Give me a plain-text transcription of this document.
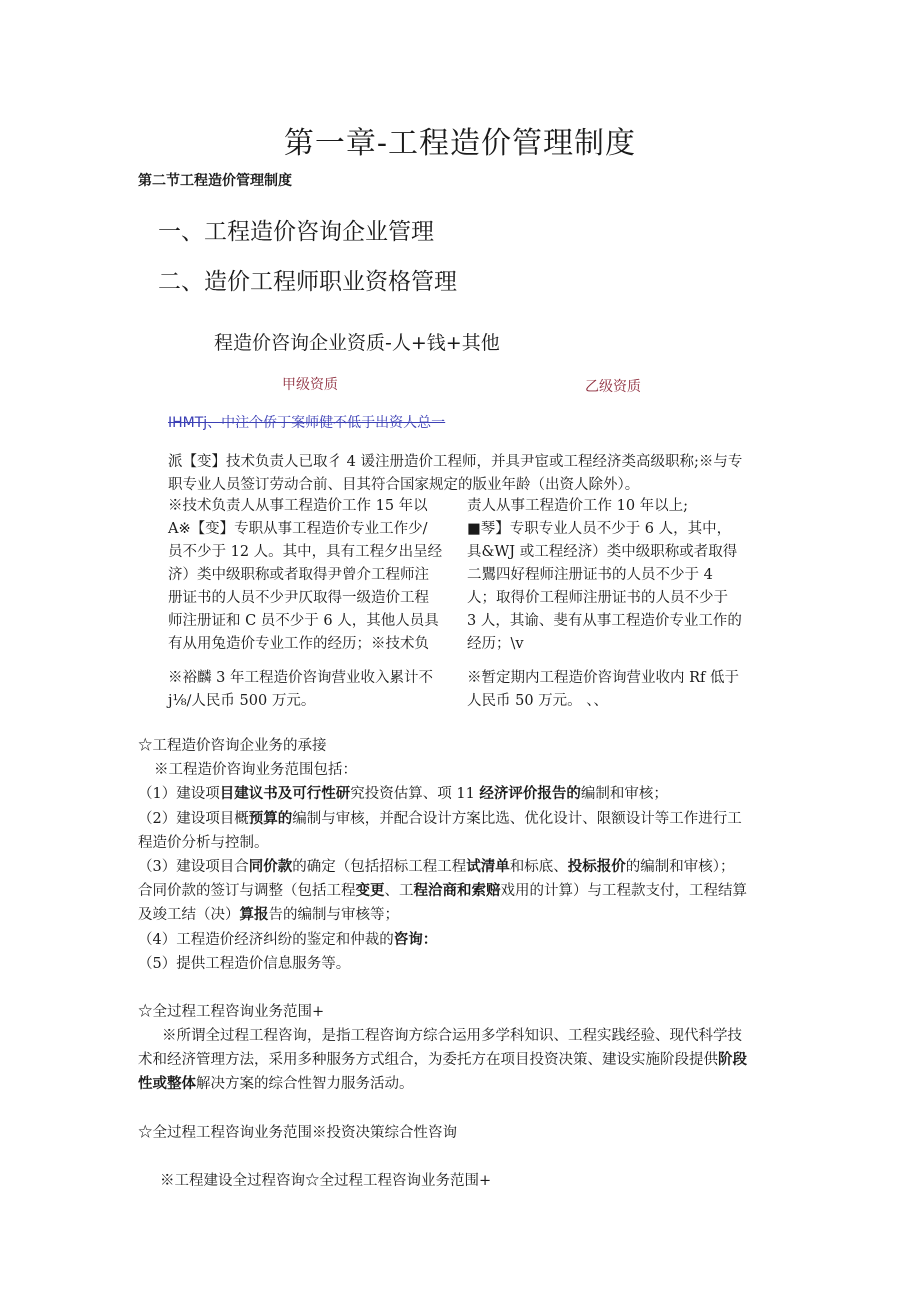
第一章-工程造价管理制度
第二节工程造价管理制度
一、工程造价咨询企业管理
二、造价工程师职业资格管理
程造价咨询企业资质-人+钱+其他
甲级资质	乙级资质
IHMTj、中注个侨丁案师健不低于出资人总一
派【变】技术负责人已取彳 4 谖注册造价工程师，并具尹宦或工程经济类高级职称;※与专
职专业人员签订劳动合前、目其符合国家规定的版业年龄（出资人除外）。
※技术负责人从事工程造价工作 15 年以
A※【变】专职从事工程造价专业工作少/
员不少于 12 人。其中，具有工程夕出呈经
济）类中级职称或者取得尹曾介工程师注
册证书的人员不少尹仄取得一级造价工程
师注册证和 C 员不少于 6 人，其他人员具
有从用兔造价专业工作的经历；※技术负
责人从事工程造价工作 10 年以上;
■琴】专职专业人员不少于 6 人，其中，
具&WJ 或工程经济）类中级职称或者取得
二鸎四好程师注册证书的人员不少于 4
人；取得价工程师注册证书的人员不少于
3 人，其谕、斐有从事工程造价专业工作的
经历；\v
※裕麟 3 年工程造价咨询营业收入累计不
j⅛∕人民币 500 万元。
※暂定期内工程造价咨询营业收内 Rf 低于
人民币 50 万元。 、、
☆工程造价咨询企业务的承接
※工程造价咨询业务范围包括：
（1）建设项目建议书及可行性研究投资估算、项 11 经济评价报告的编制和审核；
（2）建设项目概预算的编制与审核，并配合设计方案比选、优化设计、限额设计等工作进行工
程造价分析与控制。
（3）建设项目合同价款的确定（包括招标工程工程试清单和标底、投标报价的编制和审核）；
合同价款的签订与调整（包括工程变更、工程洽商和索赔戏用的计算）与工程款支付，工程结算
及竣工结（决）算报告的编制与审核等；
（4）工程造价经济纠纷的鉴定和仲裁的咨询：
（5）提供工程造价信息服务等。
☆全过程工程咨询业务范围+
※所谓全过程工程咨询，是指工程咨询方综合运用多学科知识、工程实践经验、现代科学技
术和经济管理方法，采用多种服务方式组合，为委托方在项目投资决策、建设实施阶段提供阶段
性或整体解决方案的综合性智力服务活动。
☆全过程工程咨询业务范围※投资决策综合性咨询
※工程建设全过程咨询☆全过程工程咨询业务范围+
